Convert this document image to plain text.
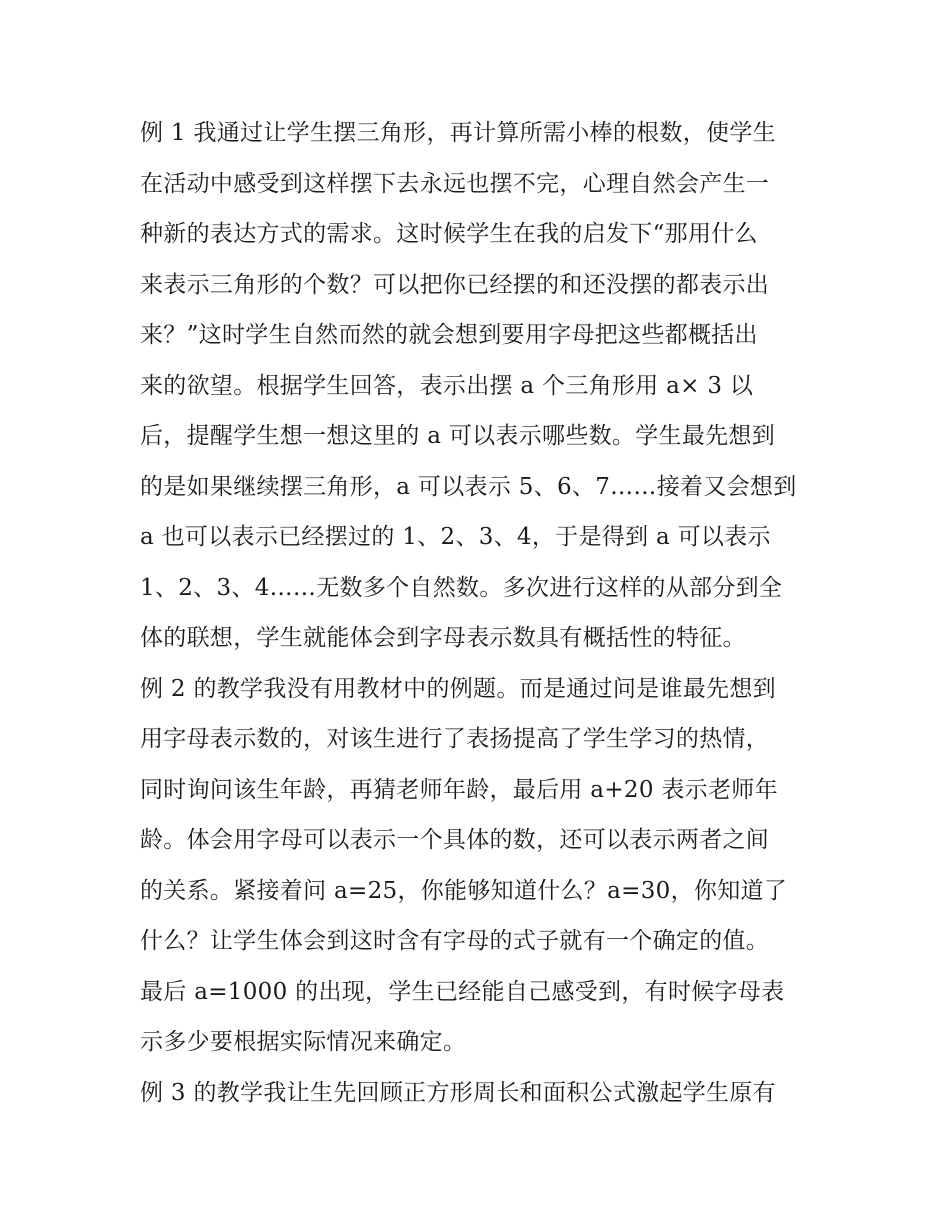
例 1 我通过让学生摆三角形，再计算所需小棒的根数，使学生
在活动中感受到这样摆下去永远也摆不完，心理自然会产生一
种新的表达方式的需求。这时候学生在我的启发下“那用什么
来表示三角形的个数？可以把你已经摆的和还没摆的都表示出
来？”这时学生自然而然的就会想到要用字母把这些都概括出
来的欲望。根据学生回答，表示出摆 a 个三角形用 a× 3 以
后，提醒学生想一想这里的 a 可以表示哪些数。学生最先想到
的是如果继续摆三角形，a 可以表示 5、6、7……接着又会想到
a 也可以表示已经摆过的 1、2、3、4，于是得到 a 可以表示
1、2、3、4……无数多个自然数。多次进行这样的从部分到全
体的联想，学生就能体会到字母表示数具有概括性的特征。
例 2 的教学我没有用教材中的例题。而是通过问是谁最先想到
用字母表示数的，对该生进行了表扬提高了学生学习的热情，
同时询问该生年龄，再猜老师年龄，最后用 a+20 表示老师年
龄。体会用字母可以表示一个具体的数，还可以表示两者之间
的关系。紧接着问 a=25，你能够知道什么？a=30，你知道了
什么？让学生体会到这时含有字母的式子就有一个确定的值。
最后 a=1000 的出现，学生已经能自己感受到，有时候字母表
示多少要根据实际情况来确定。
例 3 的教学我让生先回顾正方形周长和面积公式激起学生原有
